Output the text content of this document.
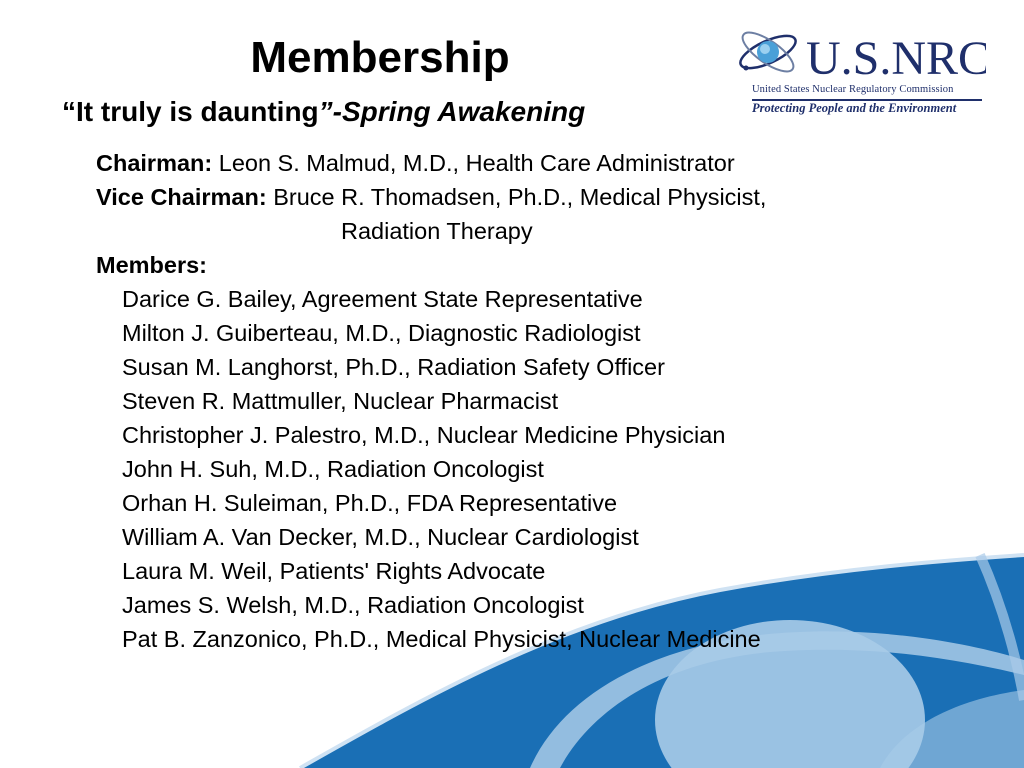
U.S.NRC
United States Nuclear Regulatory Commission
Protecting People and the Environment
Membership
“It truly is daunting”-Spring Awakening
Chairman: Leon S. Malmud, M.D., Health Care Administrator
Vice Chairman: Bruce R. Thomadsen, Ph.D., Medical Physicist,
Radiation Therapy
Members:
Darice G. Bailey, Agreement State Representative
Milton J. Guiberteau, M.D., Diagnostic Radiologist
Susan M. Langhorst, Ph.D., Radiation Safety Officer
Steven R. Mattmuller, Nuclear Pharmacist
Christopher J. Palestro, M.D., Nuclear Medicine Physician
John H. Suh, M.D., Radiation Oncologist
Orhan H. Suleiman, Ph.D., FDA Representative
William A. Van Decker, M.D., Nuclear Cardiologist
Laura M. Weil, Patients' Rights Advocate
James S. Welsh, M.D., Radiation Oncologist
Pat B. Zanzonico, Ph.D., Medical Physicist, Nuclear Medicine
